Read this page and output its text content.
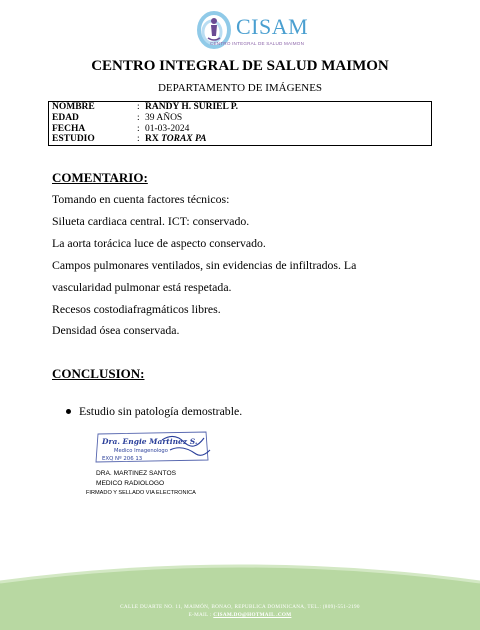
CISAM
CENTRO INTEGRAL DE SALUD MAIMON
CENTRO INTEGRAL DE SALUD MAIMON
DEPARTAMENTO DE IMÁGENES
NOMBRE	: RANDY H. SURIEL P.
EDAD	: 39 AÑOS
FECHA	: 01-03-2024
ESTUDIO	: RX TORAX PA
COMENTARIO:
Tomando en cuenta factores técnicos:
Silueta cardiaca central. ICT: conservado.
La aorta torácica luce de aspecto conservado.
Campos pulmonares ventilados, sin evidencias de infiltrados. La
vascularidad pulmonar está respetada.
Recesos costodiafragmáticos libres.
Densidad ósea conservada.
CONCLUSION:
Estudio sin patología demostrable.
Dra. Engie Martinez S.
Medico Imagenologo
EXQ Nº 206 13
DRA. MARTINEZ SANTOS
MEDICO RADIOLOGO
FIRMADO Y SELLADO VIA ELECTRONICA
CALLE DUARTE NO. 11, MAIMÓN, BONAO, REPUBLICA DOMINICANA, TEL.: (809)-551-2190
E-MAIL : CISAM.DO@HOTMAIL .COM
